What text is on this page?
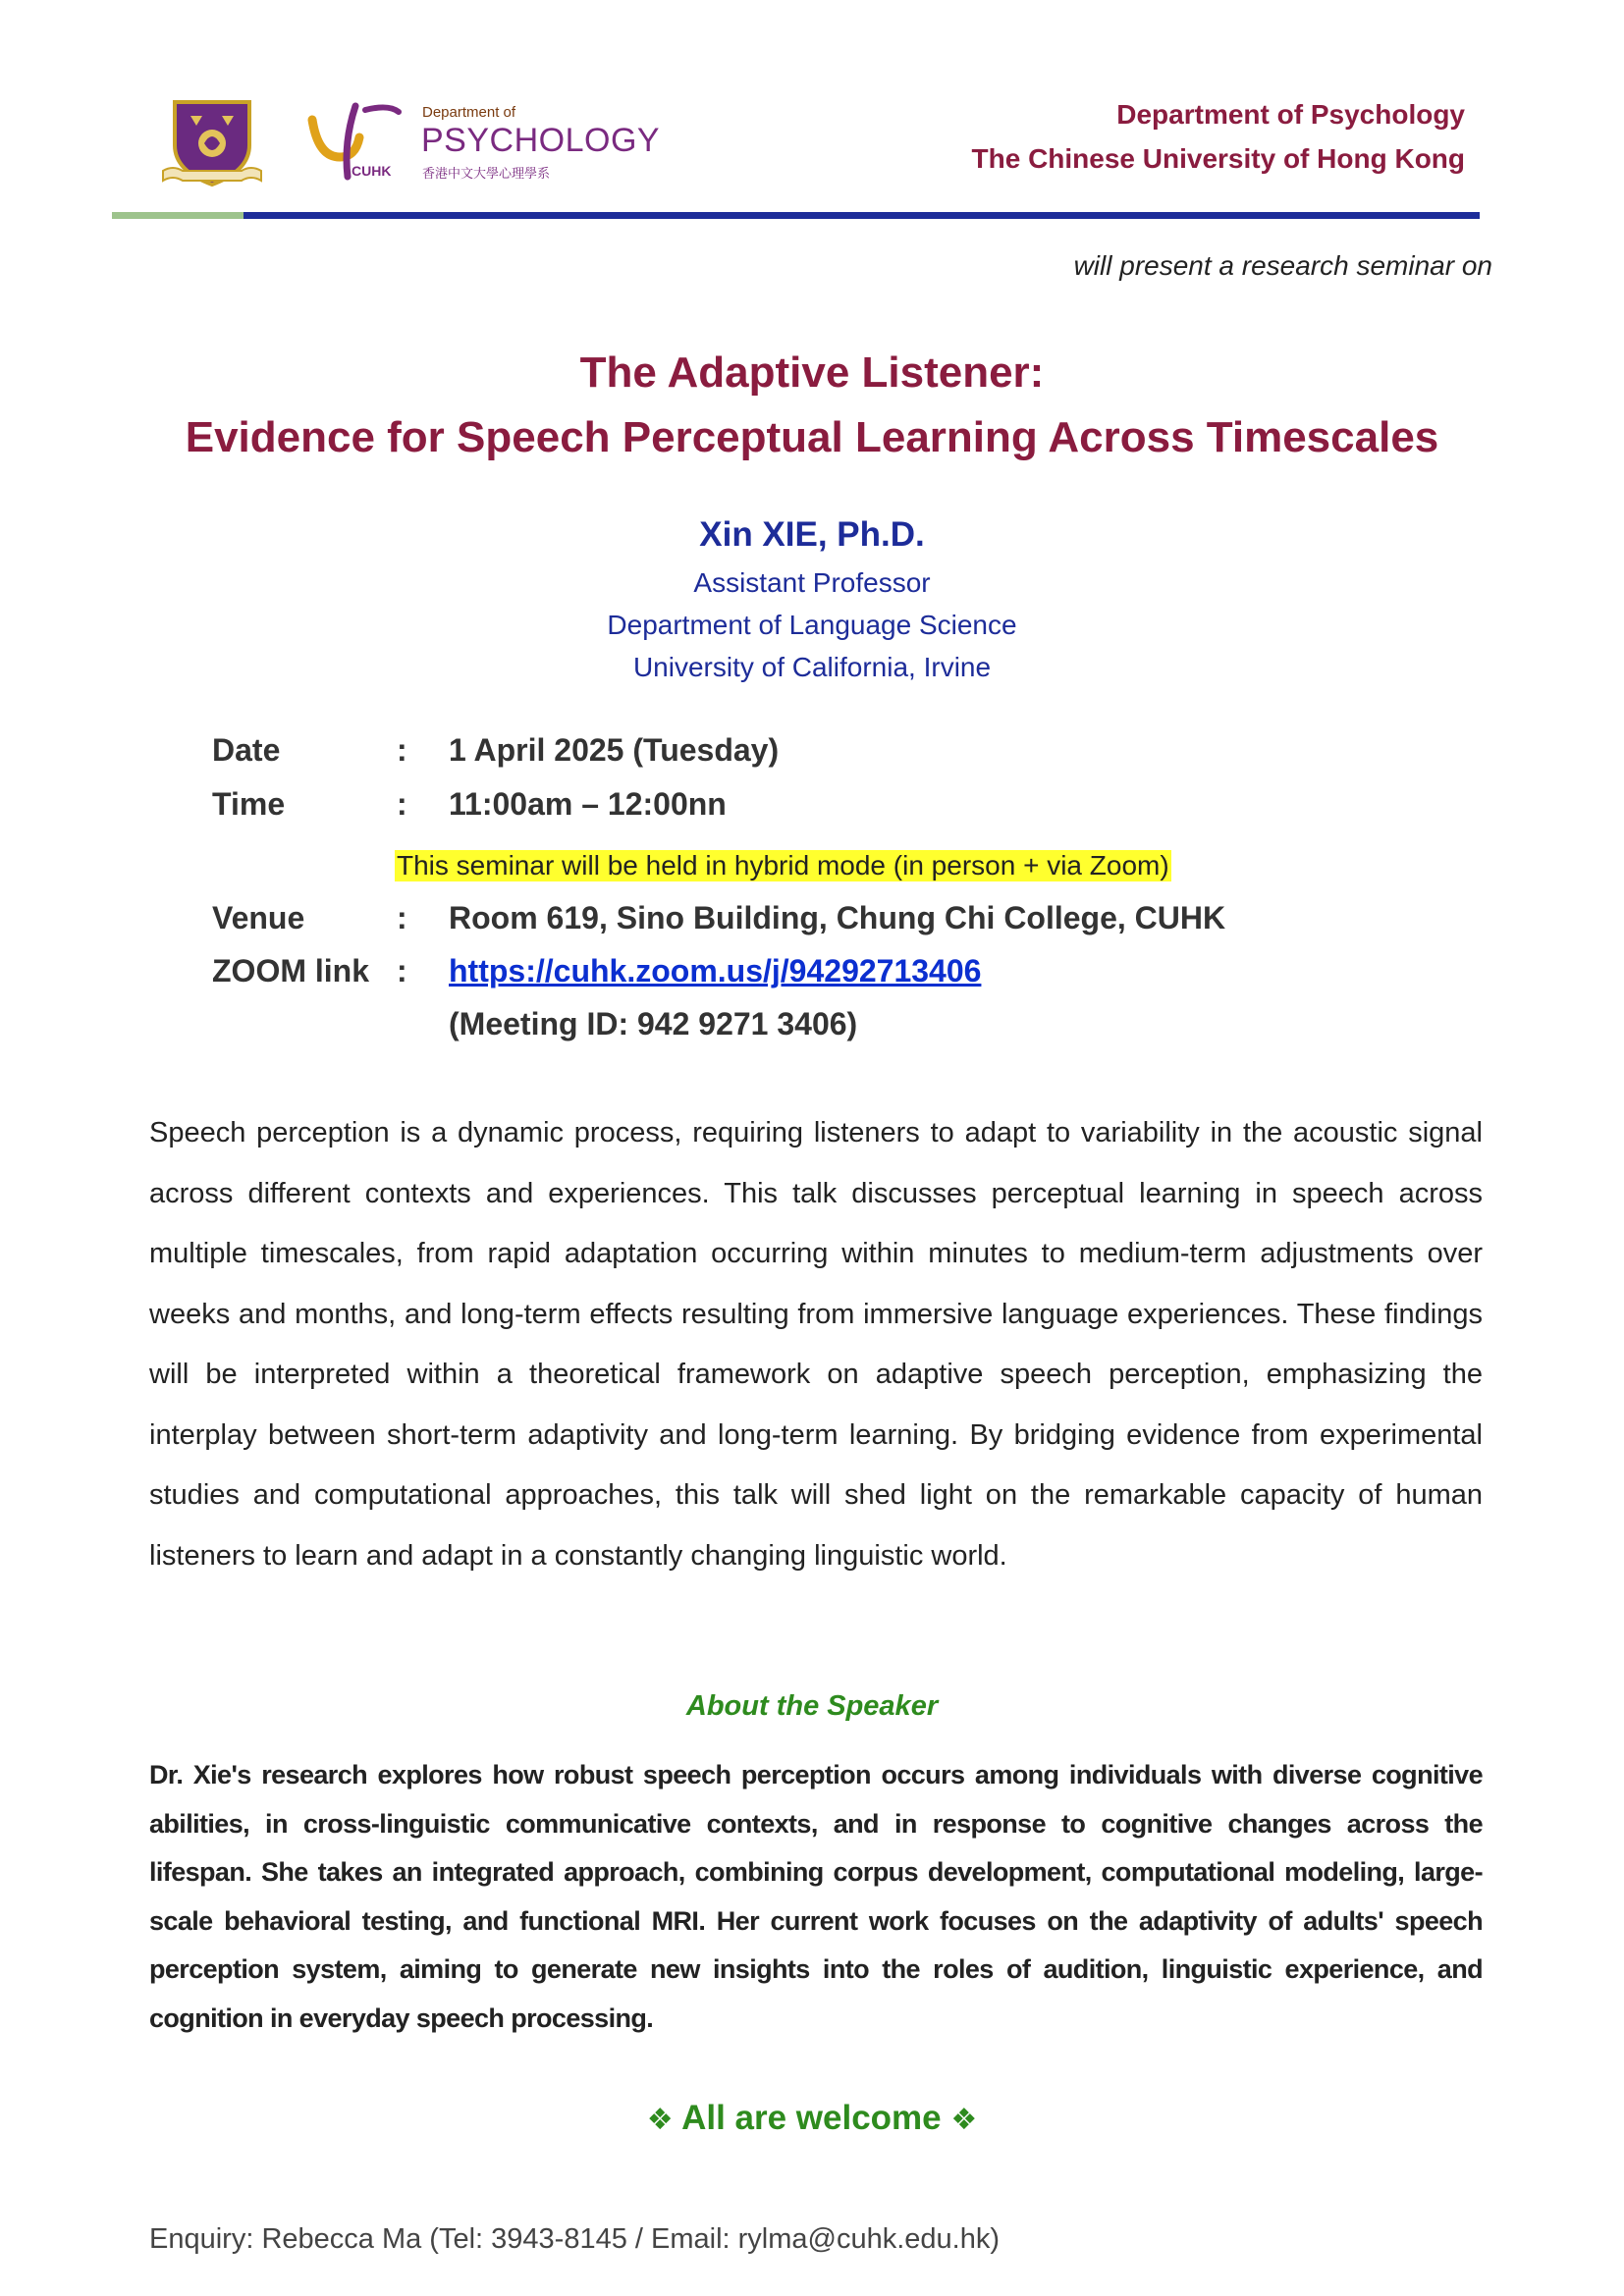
Department of
PSYCHOLOGY
CUHK 香港中文大學心理學系
Department of Psychology
The Chinese University of Hong Kong
will present a research seminar on
The Adaptive Listener:
Evidence for Speech Perceptual Learning Across Timescales
Xin XIE, Ph.D.
Assistant Professor
Department of Language Science
University of California, Irvine
Date	: 1 April 2025 (Tuesday)
Time	: 11:00am – 12:00nn
This seminar will be held in hybrid mode (in person + via Zoom)
Venue	: Room 619, Sino Building, Chung Chi College, CUHK
ZOOM link : https://cuhk.zoom.us/j/94292713406
(Meeting ID: 942 9271 3406)
Speech perception is a dynamic process, requiring listeners to adapt to variability in the acoustic signal across different contexts and experiences. This talk discusses perceptual learning in speech across multiple timescales, from rapid adaptation occurring within minutes to medium-term adjustments over weeks and months, and long-term effects resulting from immersive language experiences. These findings will be interpreted within a theoretical framework on adaptive speech perception, emphasizing the interplay between short-term adaptivity and long-term learning. By bridging evidence from experimental studies and computational approaches, this talk will shed light on the remarkable capacity of human listeners to learn and adapt in a constantly changing linguistic world.
About the Speaker
Dr. Xie's research explores how robust speech perception occurs among individuals with diverse cognitive abilities, in cross-linguistic communicative contexts, and in response to cognitive changes across the lifespan. She takes an integrated approach, combining corpus development, computational modeling, large-scale behavioral testing, and functional MRI. Her current work focuses on the adaptivity of adults' speech perception system, aiming to generate new insights into the roles of audition, linguistic experience, and cognition in everyday speech processing.
❖ All are welcome ❖
Enquiry: Rebecca Ma (Tel: 3943-8145 / Email: rylma@cuhk.edu.hk)
